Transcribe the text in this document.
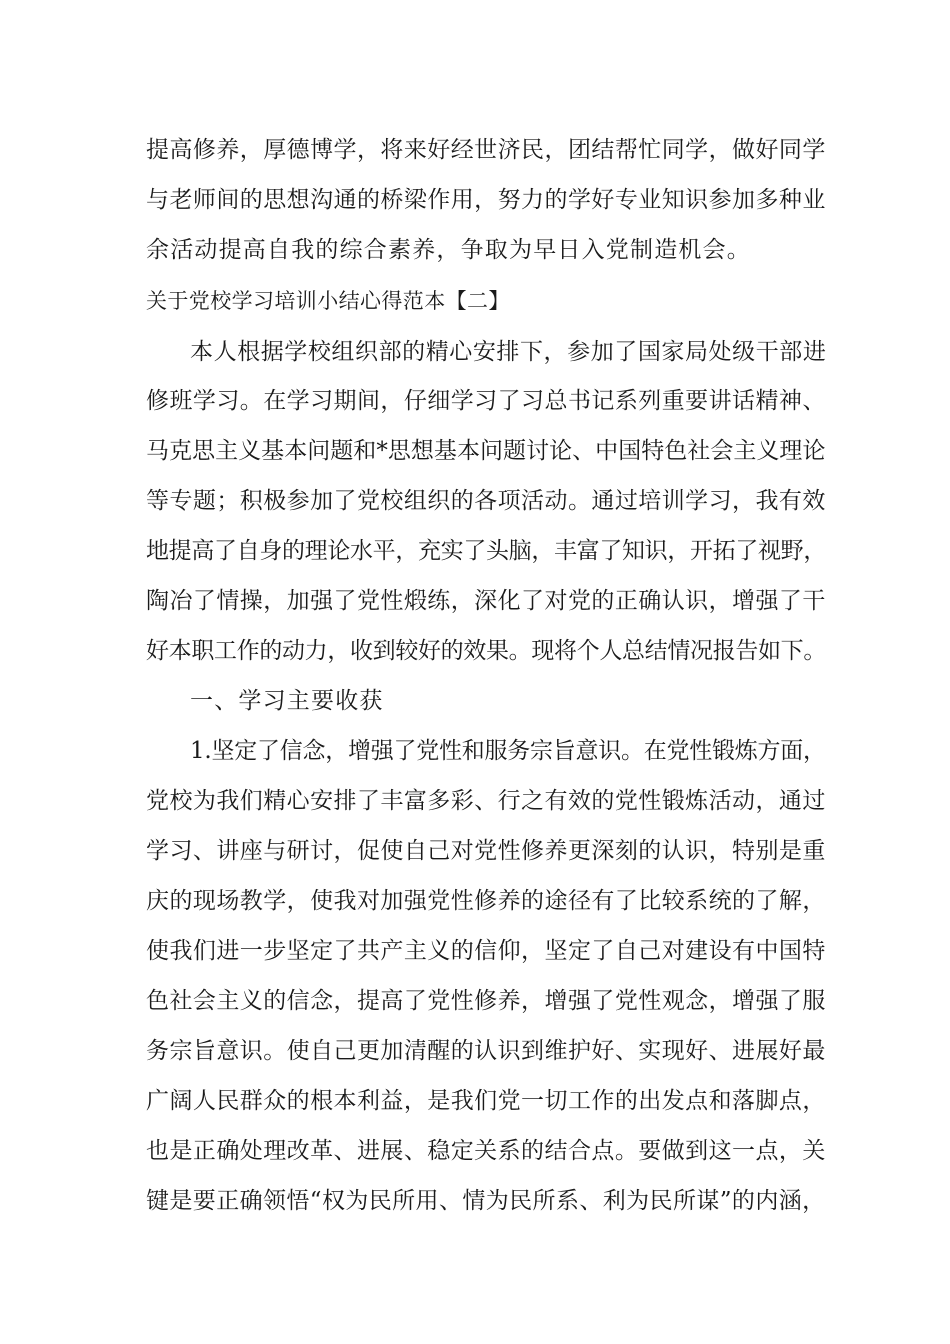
提高修养，厚德博学，将来好经世济民，团结帮忙同学，做好同学
与老师间的思想沟通的桥梁作用，努力的学好专业知识参加多种业
余活动提高自我的综合素养，争取为早日入党制造机会。
关于党校学习培训小结心得范本【二】
本人根据学校组织部的精心安排下，参加了国家局处级干部进
修班学习。在学习期间，仔细学习了习总书记系列重要讲话精神、
马克思主义基本问题和*思想基本问题讨论、中国特色社会主义理论
等专题；积极参加了党校组织的各项活动。通过培训学习，我有效
地提高了自身的理论水平，充实了头脑，丰富了知识，开拓了视野，
陶冶了情操，加强了党性煅练，深化了对党的正确认识，增强了干
好本职工作的动力，收到较好的效果。现将个人总结情况报告如下。
一、学习主要收获
1.坚定了信念，增强了党性和服务宗旨意识。在党性锻炼方面，
党校为我们精心安排了丰富多彩、行之有效的党性锻炼活动，通过
学习、讲座与研讨，促使自己对党性修养更深刻的认识，特别是重
庆的现场教学，使我对加强党性修养的途径有了比较系统的了解，
使我们进一步坚定了共产主义的信仰，坚定了自己对建设有中国特
色社会主义的信念，提高了党性修养，增强了党性观念，增强了服
务宗旨意识。使自己更加清醒的认识到维护好、实现好、进展好最
广阔人民群众的根本利益，是我们党一切工作的出发点和落脚点，
也是正确处理改革、进展、稳定关系的结合点。要做到这一点，关
键是要正确领悟“权为民所用、情为民所系、利为民所谋”的内涵，
